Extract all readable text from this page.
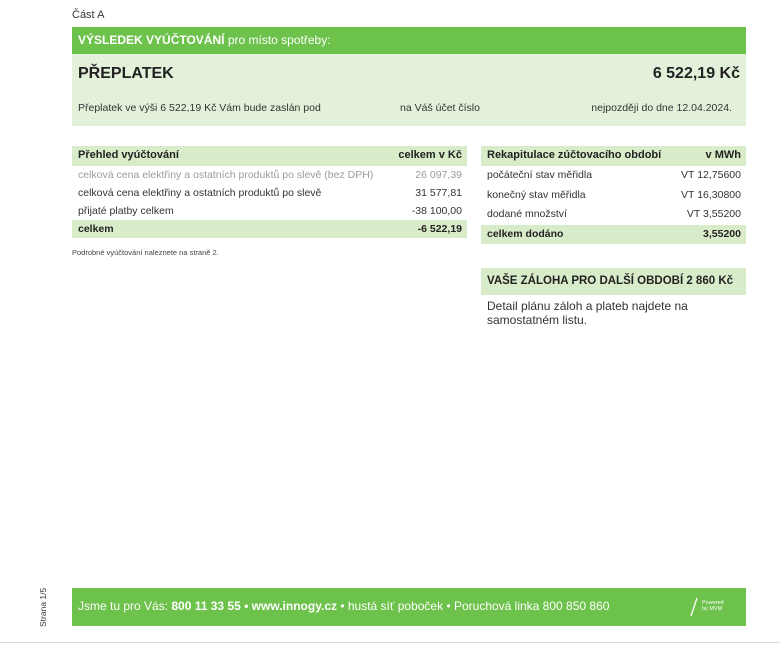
Část A
VÝSLEDEK VYÚČTOVÁNÍ pro místo spotřeby:
PŘEPLATEK	6 522,19 Kč
Přeplatek ve výši 6 522,19 Kč Vám bude zaslán pod	na Váš účet číslo	nejpozději do dne 12.04.2024.
Přehled vyúčtování	celkem v Kč
celková cena elektřiny a ostatních produktů po slevě (bez DPH)	26 097,39
celková cena elektřiny a ostatních produktů po slevě	31 577,81
přijaté platby celkem	-38 100,00
celkem	-6 522,19
Podrobné vyúčtování naleznete na straně 2.
Rekapitulace zúčtovacího období	v MWh
počáteční stav měřidla	VT 12,75600
konečný stav měřidla	VT 16,30800
dodané množství	VT 3,55200
celkem dodáno	3,55200
VAŠE ZÁLOHA PRO DALŠÍ OBDOBÍ 2 860 Kč
Detail plánu záloh a plateb najdete na samostatném listu.
Strana 1/5	Jsme tu pro Vás: 800 11 33 55 • www.innogy.cz • hustá síť poboček • Poruchová linka 800 850 860	Powered
by MVM
